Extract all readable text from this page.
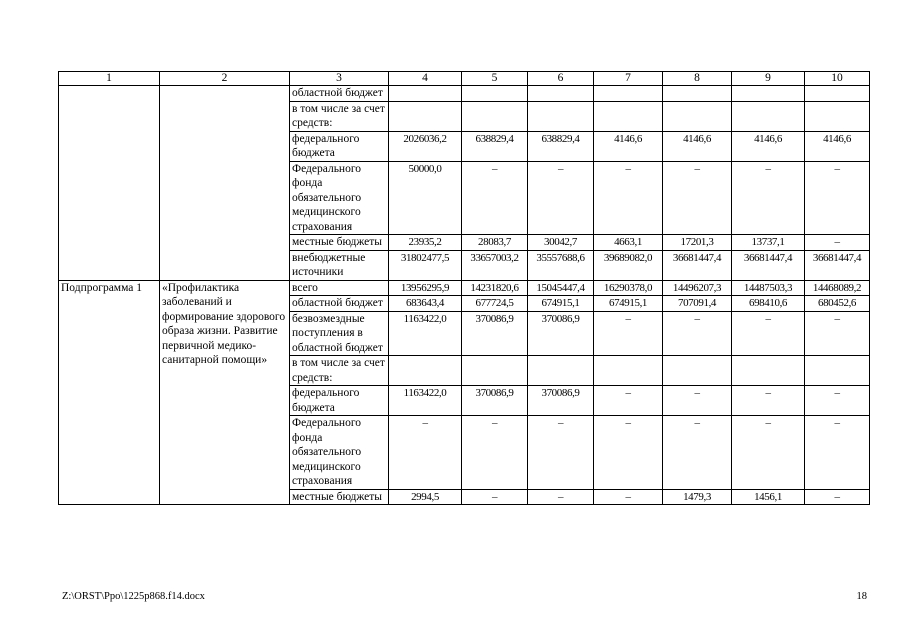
1	2	3	4	5	6	7	8	9	10
		областной бюджет							
		в том числе за счет средств:							
		федерального бюджета	2026036,2	638829,4	638829,4	4146,6	4146,6	4146,6	4146,6
		Федерального фонда обязательного медицинского страхования	50000,0	–	–	–	–	–	–
		местные бюджеты	23935,2	28083,7	30042,7	4663,1	17201,3	13737,1	–
		внебюджетные источники	31802477,5	33657003,2	35557688,6	39689082,0	36681447,4	36681447,4	36681447,4
Подпрограмма 1	«Профилактика заболеваний и формирование здорового образа жизни. Развитие первичной медико-санитарной помощи»	всего	13956295,9	14231820,6	15045447,4	16290378,0	14496207,3	14487503,3	14468089,2
		областной бюджет	683643,4	677724,5	674915,1	674915,1	707091,4	698410,6	680452,6
		безвозмездные поступления в областной бюджет	1163422,0	370086,9	370086,9	–	–	–	–
		в том числе за счет средств:							
		федерального бюджета	1163422,0	370086,9	370086,9	–	–	–	–
		Федерального фонда обязательного медицинского страхования	–	–	–	–	–	–	–
		местные бюджеты	2994,5	–	–	–	1479,3	1456,1	–
Z:\ORST\Ppo\1225p868.f14.docx	18
